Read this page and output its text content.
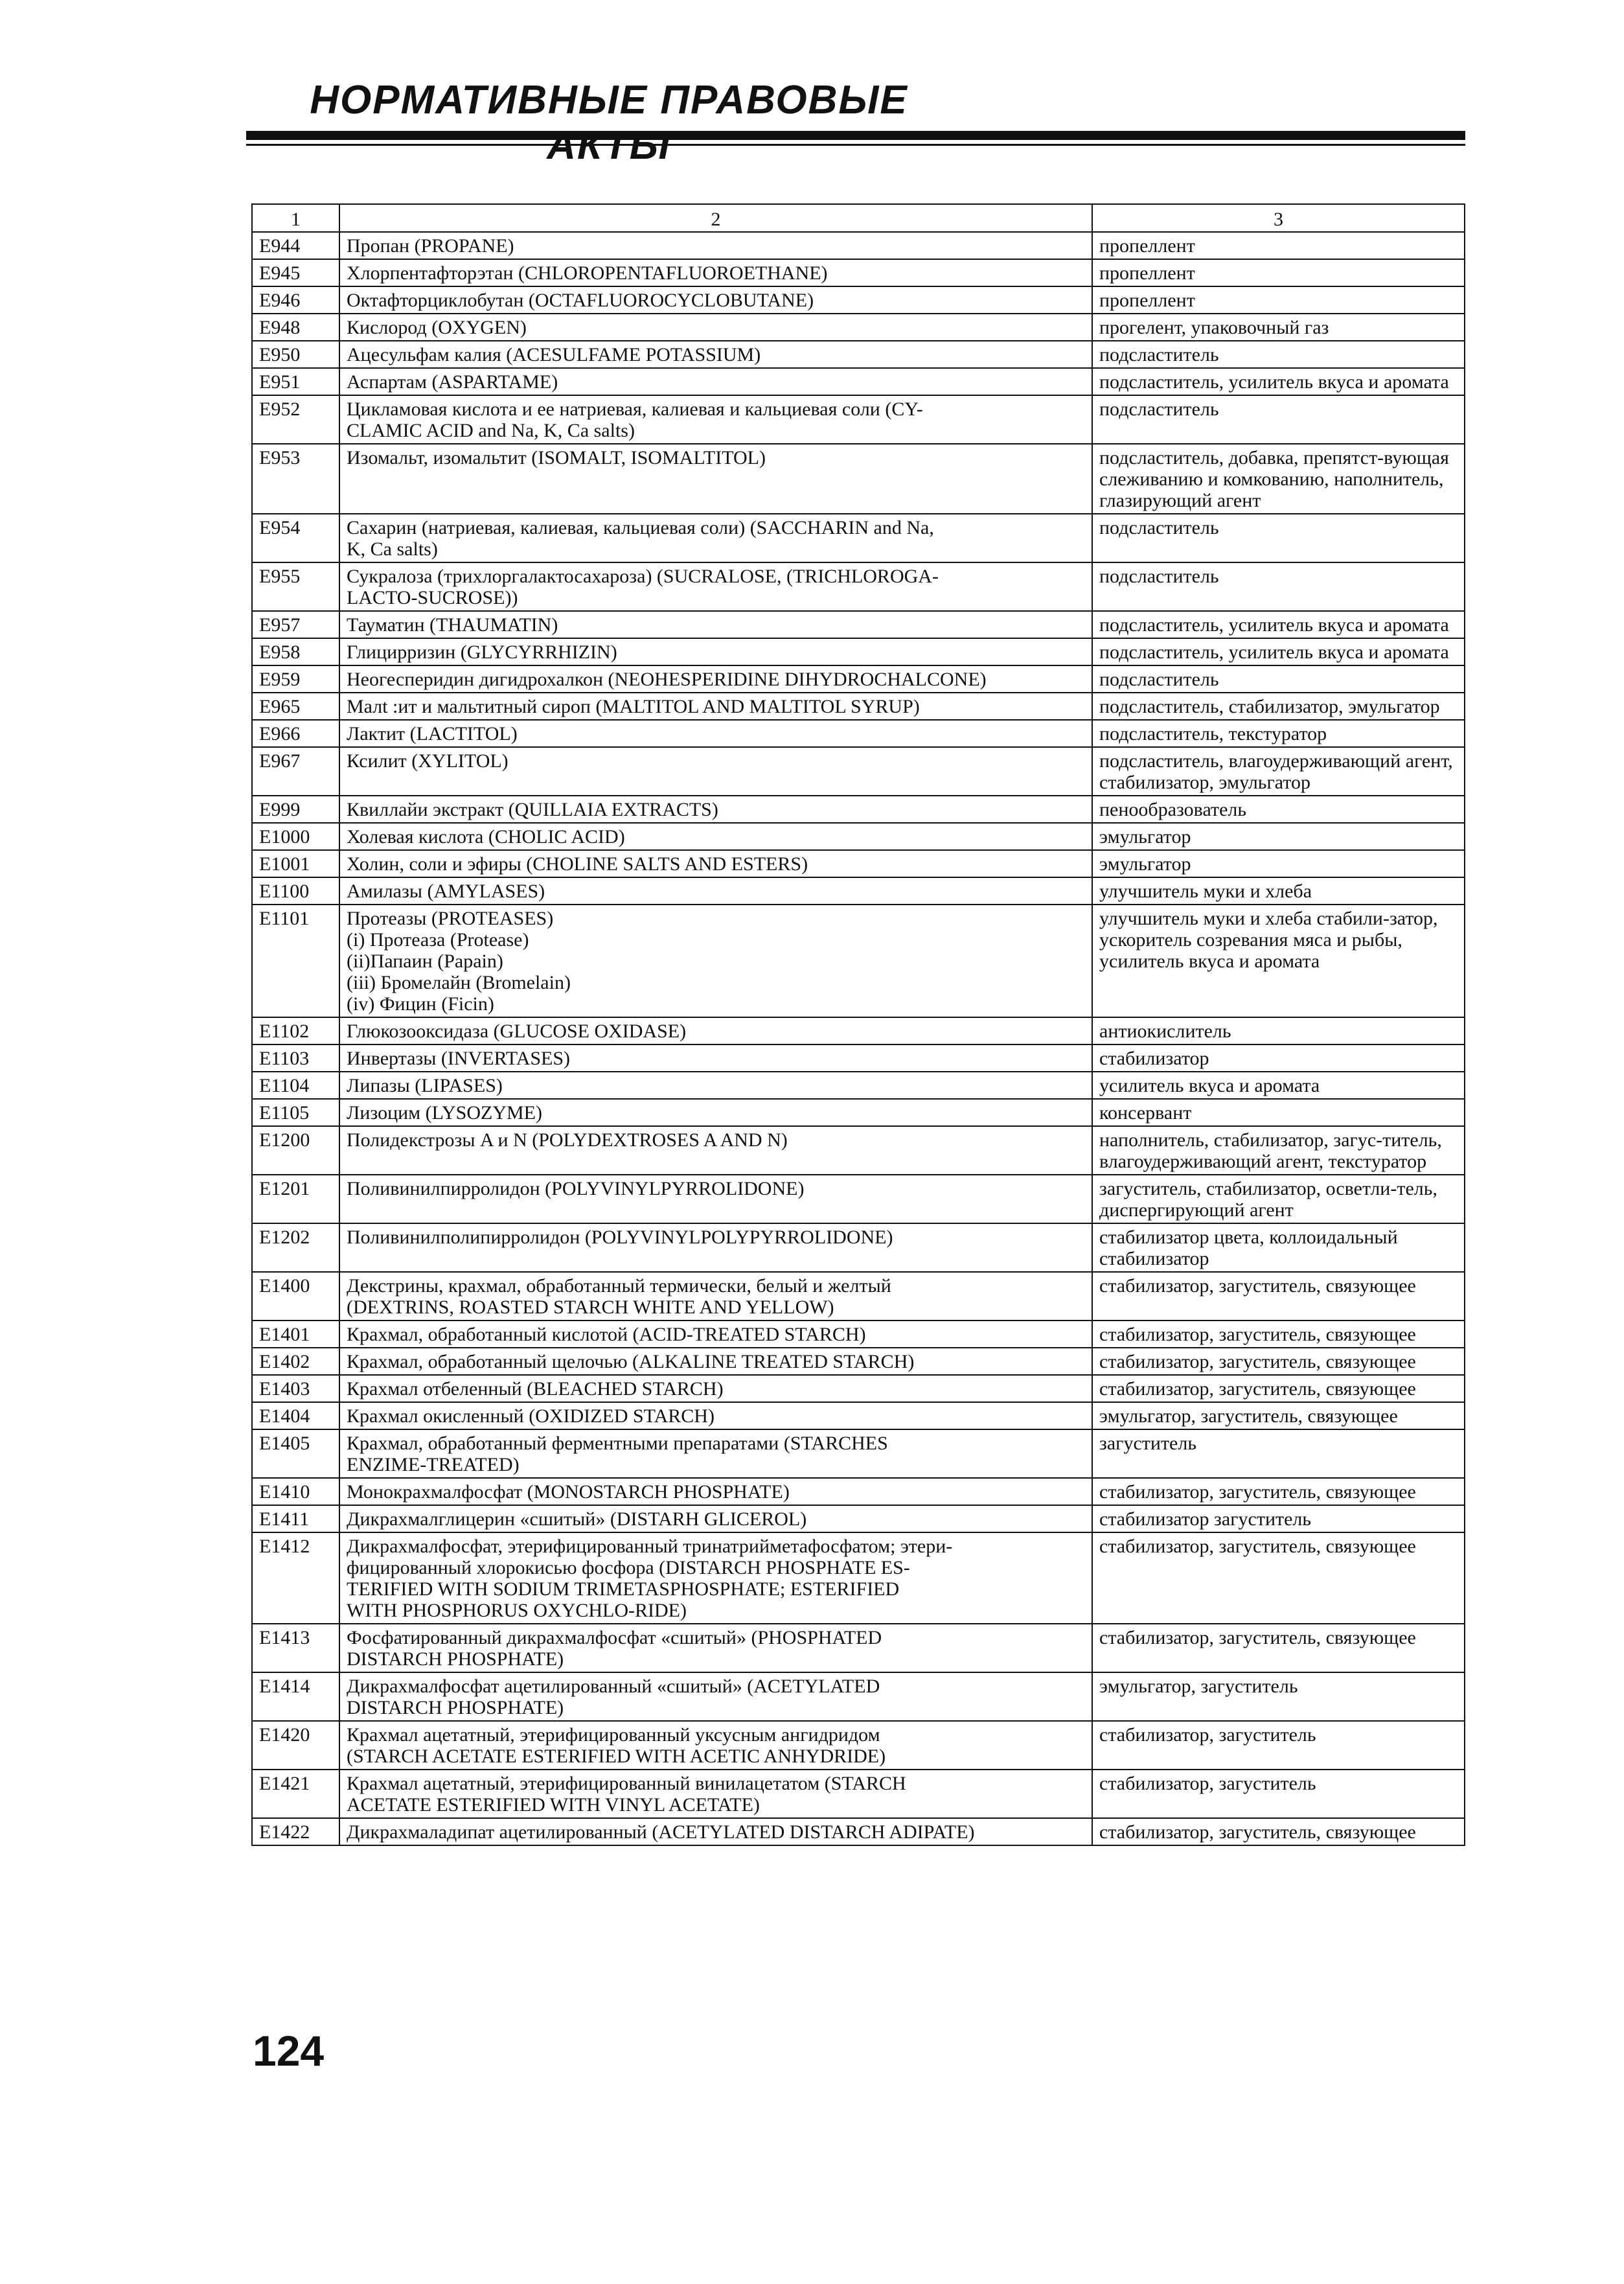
НОРМАТИВНЫЕ ПРАВОВЫЕ
1	2	3
E944	Пропан (PROPANE)	пропеллент
E945	Хлорпентафторэтан (CHLOROPENTAFLUOROETHANE)	пропеллент
E946	Октафторциклобутан (OCTAFLUOROCYCLOBUTANE)	пропеллент
E948	Кислород (OXYGEN)	прогелент, упаковочный газ
E950	Ацесульфам калия (ACESULFAME POTASSIUM)	подсластитель
E951	Аспартам (ASPARTAME)	подсластитель, усилитель вкуса и аромата
E952	Цикламовая кислота и ее натриевая, калиевая и кальциевая соли (CY-
CLAMIC ACID and Na, K, Ca salts)	подсластитель
E953	Изомальт, изомальтит (ISOMALT, ISOMALTITOL)	подсластитель, добавка, препятст-вующая слеживанию и комкованию, наполнитель, глазирующий агент
E954	Сахарин (натриевая, калиевая, кальциевая соли) (SACCHARIN and Na,
K, Ca salts)	подсластитель
E955	Сукралоза (трихлоргалактосахароза) (SUCRALOSE, (TRICHLOROGA-
LACTO-SUCROSE))	подсластитель
E957	Тауматин (THAUMATIN)	подсластитель, усилитель вкуса и аромата
E958	Глицирризин (GLYCYRRHIZIN)	подсластитель, усилитель вкуса и аромата
E959	Неогесперидин дигидрохалкон (NEOHESPERIDINE DIHYDROCHALCONE)	подсластитель
E965	Малt :ит и мальтитный сироп (MALTITOL AND MALTITOL SYRUP)	подсластитель, стабилизатор, эмульгатор
E966	Лактит (LACTITOL)	подсластитель, текстуратор
E967	Ксилит (XYLITOL)	подсластитель, влагоудерживающий агент, стабилизатор, эмульгатор
E999	Квиллайи экстракт (QUILLAIA EXTRACTS)	пенообразователь
E1000	Холевая кислота (CHOLIC ACID)	эмульгатор
E1001	Холин, соли и эфиры (CHOLINE SALTS AND ESTERS)	эмульгатор
E1100	Амилазы (AMYLASES)	улучшитель муки и хлеба
E1101	Протеазы (PROTEASES)
(i) Протеаза (Protease)
(ii)Папаин (Papain)
(iii) Бромелайн (Bromelain)
(iv) Фицин (Ficin)	улучшитель муки и хлеба стабили-затор, ускоритель созревания мяса и рыбы, усилитель вкуса и аромата
E1102	Глюкозооксидаза (GLUCOSE OXIDASE)	антиокислитель
E1103	Инвертазы (INVERTASES)	стабилизатор
E1104	Липазы (LIPASES)	усилитель вкуса и аромата
E1105	Лизоцим (LYSOZYME)	консервант
E1200	Полидекстрозы A и N (POLYDEXTROSES A AND N)	наполнитель, стабилизатор, загус-титель, влагоудерживающий агент, текстуратор
E1201	Поливинилпирролидон (POLYVINYLPYRROLIDONE)	загуститель, стабилизатор, осветли-тель, диспергирующий агент
E1202	Поливинилполипирролидон (POLYVINYLPOLYPYRROLIDONE)	стабилизатор цвета, коллоидальный стабилизатор
E1400	Декстрины, крахмал, обработанный термически, белый и желтый
(DEXTRINS, ROASTED STARCH WHITE AND YELLOW)	стабилизатор, загуститель, связующее
E1401	Крахмал, обработанный кислотой (ACID-TREATED STARCH)	стабилизатор, загуститель, связующее
E1402	Крахмал, обработанный щелочью (ALKALINE TREATED STARCH)	стабилизатор, загуститель, связующее
E1403	Крахмал отбеленный (BLEACHED STARCH)	стабилизатор, загуститель, связующее
E1404	Крахмал окисленный (OXIDIZED STARCH)	эмульгатор, загуститель, связующее
E1405	Крахмал, обработанный ферментными препаратами (STARCHES
ENZIME-TREATED)	загуститель
E1410	Монокрахмалфосфат (MONOSTARCH PHOSPHATE)	стабилизатор, загуститель, связующее
E1411	Дикрахмалглицерин «сшитый» (DISTARH GLICEROL)	стабилизатор загуститель
E1412	Дикрахмалфосфат, этерифицированный тринатрийметафосфатом; этери-
фицированный хлорокисью фосфора (DISTARCH PHOSPHATE ES-
TERIFIED WITH SODIUM TRIMETASPHOSPHATE; ESTERIFIED
WITH PHOSPHORUS OXYCHLO-RIDE)	стабилизатор, загуститель, связующее
E1413	Фосфатированный дикрахмалфосфат «сшитый» (PHOSPHATED
DISTARCH PHOSPHATE)	стабилизатор, загуститель, связующее
E1414	Дикрахмалфосфат ацетилированный «сшитый» (ACETYLATED
DISTARCH PHOSPHATE)	эмульгатор, загуститель
E1420	Крахмал ацетатный, этерифицированный уксусным ангидридом
(STARCH ACETATE ESTERIFIED WITH ACETIC ANHYDRIDE)	стабилизатор, загуститель
E1421	Крахмал ацетатный, этерифицированный винилацетатом (STARCH
ACETATE ESTERIFIED WITH VINYL ACETATE)	стабилизатор, загуститель
E1422	Дикрахмаладипат ацетилированный (ACETYLATED DISTARCH ADIPATE)	стабилизатор, загуститель, связующее
124
